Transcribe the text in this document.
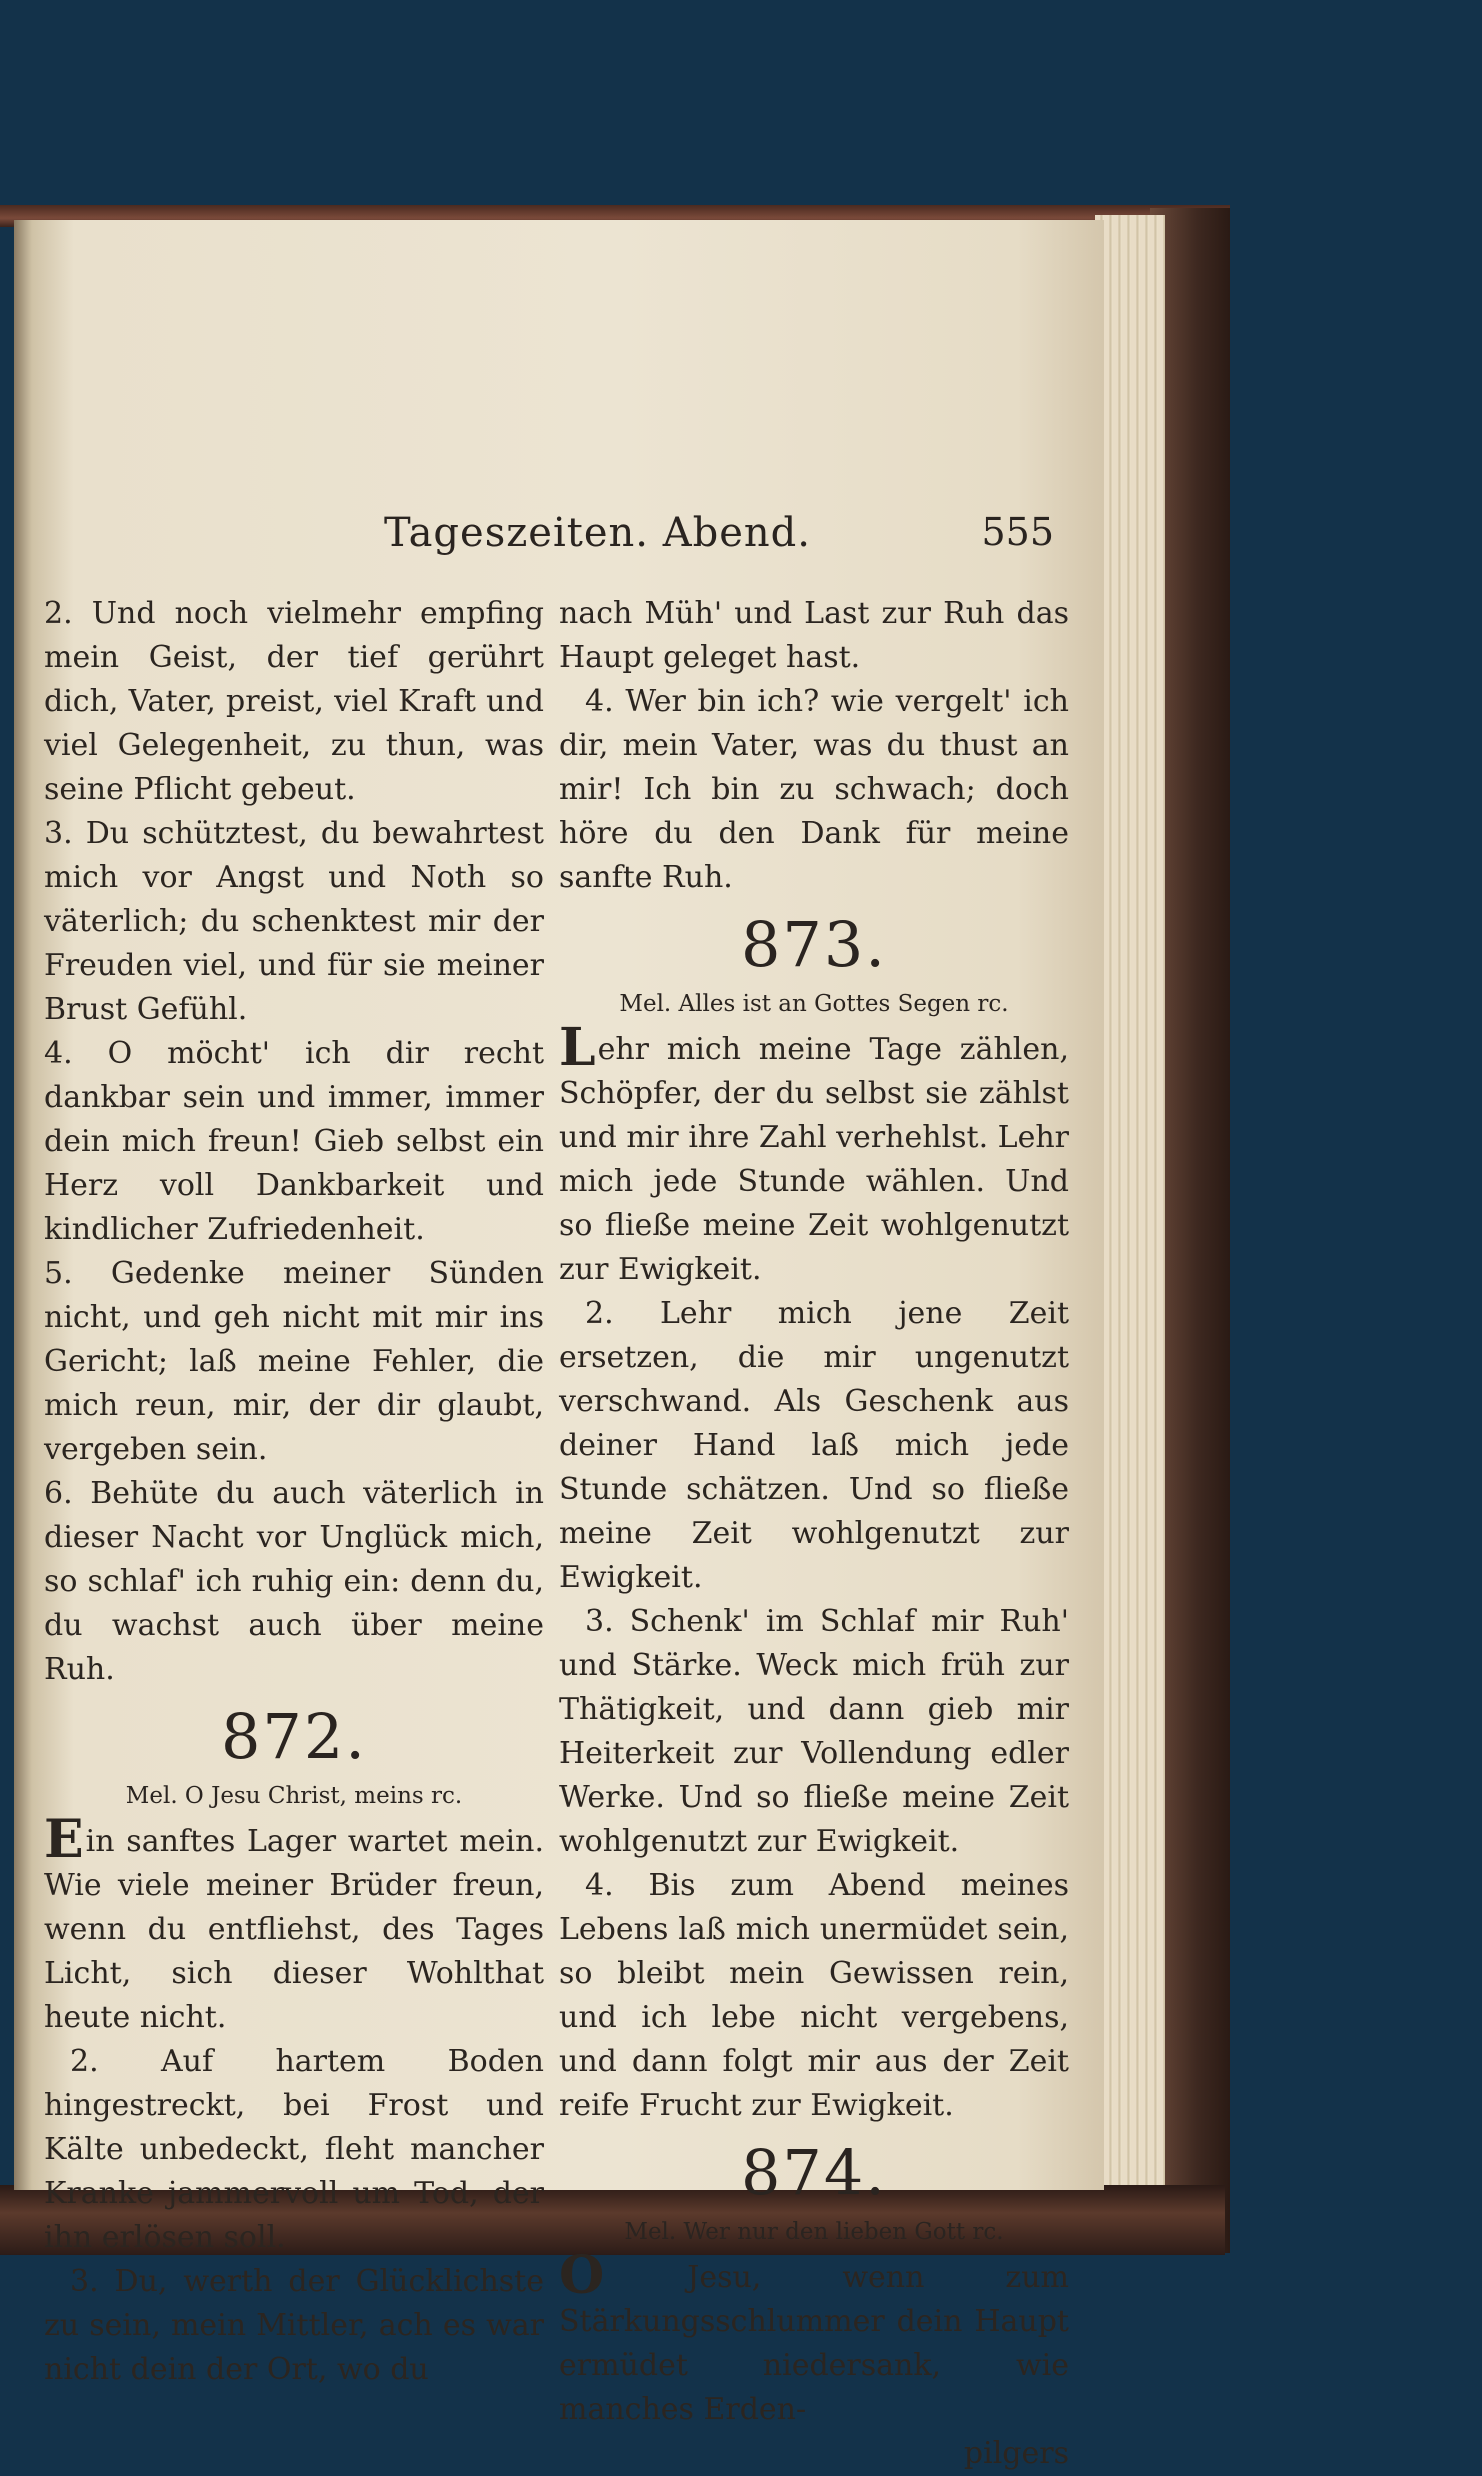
Tageszeiten. Abend.	555

2. Und noch vielmehr empfing mein Geist, der tief gerührt dich, Vater, preist, viel Kraft und viel Gelegenheit, zu thun, was seine Pflicht gebeut.

3. Du schütztest, du bewahrtest mich vor Angst und Noth so väterlich; du schenktest mir der Freuden viel, und für sie meiner Brust Gefühl.

4. O möcht' ich dir recht dankbar sein und immer, immer dein mich freun! Gieb selbst ein Herz voll Dankbarkeit und kindlicher Zufriedenheit.

5. Gedenke meiner Sünden nicht, und geh nicht mit mir ins Gericht; laß meine Fehler, die mich reun, mir, der dir glaubt, vergeben sein.

6. Behüte du auch väterlich in dieser Nacht vor Unglück mich, so schlaf' ich ruhig ein: denn du, du wachst auch über meine Ruh.

872.
Mel. O Jesu Christ, meins rc.

Ein sanftes Lager wartet mein. Wie viele meiner Brüder freun, wenn du entfliehst, des Tages Licht, sich dieser Wohlthat heute nicht.

2. Auf hartem Boden hingestreckt, bei Frost und Kälte unbedeckt, fleht mancher Kranke jammervoll um Tod, der ihn erlösen soll.

3. Du, werth der Glücklichste zu sein, mein Mittler, ach es war nicht dein der Ort, wo du

nach Müh' und Last zur Ruh das Haupt geleget hast.

4. Wer bin ich? wie vergelt' ich dir, mein Vater, was du thust an mir! Ich bin zu schwach; doch höre du den Dank für meine sanfte Ruh.

873.
Mel. Alles ist an Gottes Segen rc.

Lehr mich meine Tage zählen, Schöpfer, der du selbst sie zählst und mir ihre Zahl verhehlst. Lehr mich jede Stunde wählen. Und so fließe meine Zeit wohlgenutzt zur Ewigkeit.

2. Lehr mich jene Zeit ersetzen, die mir ungenutzt verschwand. Als Geschenk aus deiner Hand laß mich jede Stunde schätzen. Und so fließe meine Zeit wohlgenutzt zur Ewigkeit.

3. Schenk' im Schlaf mir Ruh' und Stärke. Weck mich früh zur Thätigkeit, und dann gieb mir Heiterkeit zur Vollendung edler Werke. Und so fließe meine Zeit wohlgenutzt zur Ewigkeit.

4. Bis zum Abend meines Lebens laß mich unermüdet sein, so bleibt mein Gewissen rein, und ich lebe nicht vergebens, und dann folgt mir aus der Zeit reife Frucht zur Ewigkeit.

874.
Mel. Wer nur den lieben Gott rc.

O Jesu, wenn zum Stärkungsschlummer dein Haupt ermüdet niedersank, wie manches Erden-

pilgers
